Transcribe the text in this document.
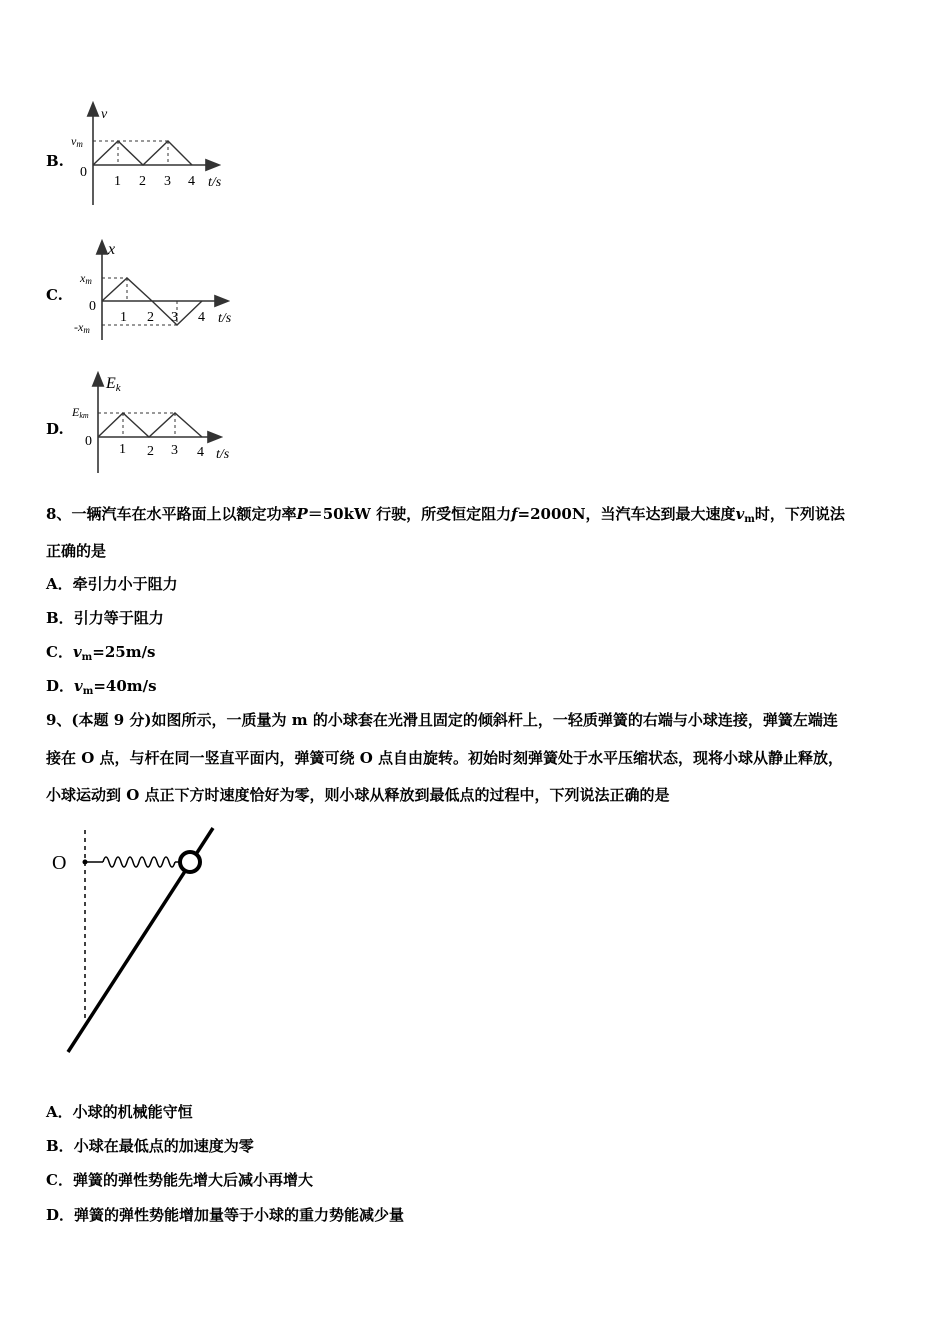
B.
v
vm
0
1 2 3 4 t/s
C.
x
xm
0
-xm
1 2 3 4 t/s
D.
Ek
Ekm
0
1 2 3 4 t/s
8、一辆汽车在水平路面上以额定功率P＝50kW 行驶，所受恒定阻力f=2000N，当汽车达到最大速度$v_m$时，下列说法
正确的是
A．牵引力小于阻力
B．引力等于阻力
C．$v_m=25m/s$
D．$v_m=40m/s$
9、(本题 9 分)如图所示，一质量为 m 的小球套在光滑且固定的倾斜杆上，一轻质弹簧的右端与小球连接，弹簧左端连
接在 O 点，与杆在同一竖直平面内，弹簧可绕 O 点自由旋转。初始时刻弹簧处于水平压缩状态，现将小球从静止释放，
小球运动到 O 点正下方时速度恰好为零，则小球从释放到最低点的过程中，下列说法正确的是
O
A．小球的机械能守恒
B．小球在最低点的加速度为零
C．弹簧的弹性势能先增大后减小再增大
D．弹簧的弹性势能增加量等于小球的重力势能减少量
